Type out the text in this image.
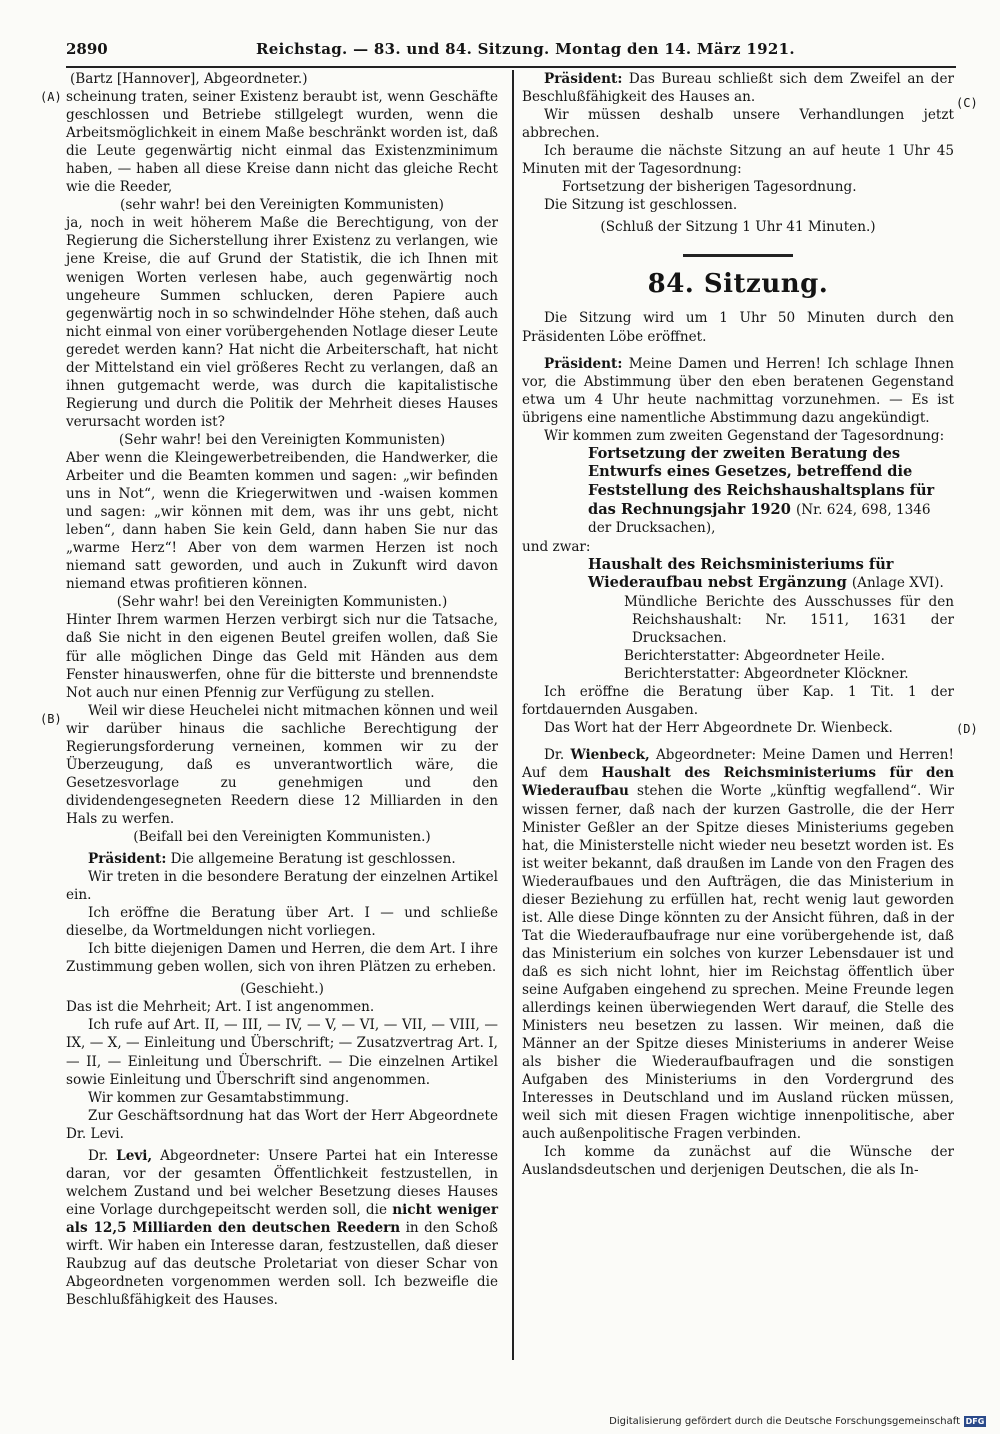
2890	Reichstag. — 83. und 84. Sitzung. Montag den 14. März 1921.
(A)
(B)
(C)
(D)

(Bartz [Hannover], Abgeordneter.)

scheinung traten, seiner Existenz beraubt ist, wenn Geschäfte geschlossen und Betriebe stillgelegt wurden, wenn die Arbeitsmöglichkeit in einem Maße beschränkt worden ist, daß die Leute gegenwärtig nicht einmal das Existenzminimum haben, — haben all diese Kreise dann nicht das gleiche Recht wie die Reeder,

(sehr wahr! bei den Vereinigten Kommunisten)

ja, noch in weit höherem Maße die Berechtigung, von der Regierung die Sicherstellung ihrer Existenz zu verlangen, wie jene Kreise, die auf Grund der Statistik, die ich Ihnen mit wenigen Worten verlesen habe, auch gegenwärtig noch ungeheure Summen schlucken, deren Papiere auch gegenwärtig noch in so schwindelnder Höhe stehen, daß auch nicht einmal von einer vorübergehenden Notlage dieser Leute geredet werden kann? Hat nicht die Arbeiterschaft, hat nicht der Mittelstand ein viel größeres Recht zu verlangen, daß an ihnen gutgemacht werde, was durch die kapitalistische Regierung und durch die Politik der Mehrheit dieses Hauses verursacht worden ist?

(Sehr wahr! bei den Vereinigten Kommunisten)

Aber wenn die Kleingewerbetreibenden, die Handwerker, die Arbeiter und die Beamten kommen und sagen: „wir befinden uns in Not“, wenn die Kriegerwitwen und -waisen kommen und sagen: „wir können mit dem, was ihr uns gebt, nicht leben“, dann haben Sie kein Geld, dann haben Sie nur das „warme Herz“! Aber von dem warmen Herzen ist noch niemand satt geworden, und auch in Zukunft wird davon niemand etwas profitieren können.

(Sehr wahr! bei den Vereinigten Kommunisten.)

Hinter Ihrem warmen Herzen verbirgt sich nur die Tatsache, daß Sie nicht in den eigenen Beutel greifen wollen, daß Sie für alle möglichen Dinge das Geld mit Händen aus dem Fenster hinauswerfen, ohne für die bitterste und brennendste Not auch nur einen Pfennig zur Verfügung zu stellen.

Weil wir diese Heuchelei nicht mitmachen können und weil wir darüber hinaus die sachliche Berechtigung der Regierungsforderung verneinen, kommen wir zu der Überzeugung, daß es unverantwortlich wäre, die Gesetzesvorlage zu genehmigen und den dividendengesegneten Reedern diese 12 Milliarden in den Hals zu werfen.

(Beifall bei den Vereinigten Kommunisten.)

Präsident: Die allgemeine Beratung ist geschlossen.

Wir treten in die besondere Beratung der einzelnen Artikel ein.

Ich eröffne die Beratung über Art. I — und schließe dieselbe, da Wortmeldungen nicht vorliegen.

Ich bitte diejenigen Damen und Herren, die dem Art. I ihre Zustimmung geben wollen, sich von ihren Plätzen zu erheben.

(Geschieht.)

Das ist die Mehrheit; Art. I ist angenommen.

Ich rufe auf Art. II, — III, — IV, — V, — VI, — VII, — VIII, — IX, — X, — Einleitung und Überschrift; — Zusatzvertrag Art. I, — II, — Einleitung und Überschrift. — Die einzelnen Artikel sowie Einleitung und Überschrift sind angenommen.

Wir kommen zur Gesamtabstimmung.

Zur Geschäftsordnung hat das Wort der Herr Abgeordnete Dr. Levi.

Dr. Levi, Abgeordneter: Unsere Partei hat ein Interesse daran, vor der gesamten Öffentlichkeit festzustellen, in welchem Zustand und bei welcher Besetzung dieses Hauses eine Vorlage durchgepeitscht werden soll, die nicht weniger als 12,5 Milliarden den deutschen Reedern in den Schoß wirft. Wir haben ein Interesse daran, festzustellen, daß dieser Raubzug auf das deutsche Proletariat von dieser Schar von Abgeordneten vorgenommen werden soll. Ich bezweifle die Beschlußfähigkeit des Hauses.

Präsident: Das Bureau schließt sich dem Zweifel an der Beschlußfähigkeit des Hauses an.

Wir müssen deshalb unsere Verhandlungen jetzt abbrechen.

Ich beraume die nächste Sitzung an auf heute 1 Uhr 45 Minuten mit der Tagesordnung:

Fortsetzung der bisherigen Tagesordnung.

Die Sitzung ist geschlossen.

(Schluß der Sitzung 1 Uhr 41 Minuten.)

84. Sitzung.

Die Sitzung wird um 1 Uhr 50 Minuten durch den Präsidenten Löbe eröffnet.

Präsident: Meine Damen und Herren! Ich schlage Ihnen vor, die Abstimmung über den eben beratenen Gegenstand etwa um 4 Uhr heute nachmittag vorzunehmen. — Es ist übrigens eine namentliche Abstimmung dazu angekündigt.

Wir kommen zum zweiten Gegenstand der Tagesordnung:

Fortsetzung der zweiten Beratung des Entwurfs eines Gesetzes, betreffend die Feststellung des Reichshaushaltsplans für das Rechnungsjahr 1920 (Nr. 624, 698, 1346 der Drucksachen),

und zwar:

Haushalt des Reichsministeriums für Wiederaufbau nebst Ergänzung (Anlage XVI).

Mündliche Berichte des Ausschusses für den Reichshaushalt: Nr. 1511, 1631 der Drucksachen.

Berichterstatter: Abgeordneter Heile.

Berichterstatter: Abgeordneter Klöckner.

Ich eröffne die Beratung über Kap. 1 Tit. 1 der fortdauernden Ausgaben.

Das Wort hat der Herr Abgeordnete Dr. Wienbeck.

Dr. Wienbeck, Abgeordneter: Meine Damen und Herren! Auf dem Haushalt des Reichsministeriums für den Wiederaufbau stehen die Worte „künftig wegfallend“. Wir wissen ferner, daß nach der kurzen Gastrolle, die der Herr Minister Geßler an der Spitze dieses Ministeriums gegeben hat, die Ministerstelle nicht wieder neu besetzt worden ist. Es ist weiter bekannt, daß draußen im Lande von den Fragen des Wiederaufbaues und den Aufträgen, die das Ministerium in dieser Beziehung zu erfüllen hat, recht wenig laut geworden ist. Alle diese Dinge könnten zu der Ansicht führen, daß in der Tat die Wiederaufbaufrage nur eine vorübergehende ist, daß das Ministerium ein solches von kurzer Lebensdauer ist und daß es sich nicht lohnt, hier im Reichstag öffentlich über seine Aufgaben eingehend zu sprechen. Meine Freunde legen allerdings keinen überwiegenden Wert darauf, die Stelle des Ministers neu besetzen zu lassen. Wir meinen, daß die Männer an der Spitze dieses Ministeriums in anderer Weise als bisher die Wiederaufbaufragen und die sonstigen Aufgaben des Ministeriums in den Vordergrund des Interesses in Deutschland und im Ausland rücken müssen, weil sich mit diesen Fragen wichtige innenpolitische, aber auch außenpolitische Fragen verbinden.

Ich komme da zunächst auf die Wünsche der Auslandsdeutschen und derjenigen Deutschen, die als In-

Digitalisierung gefördert durch die Deutsche Forschungsgemeinschaft DFG
